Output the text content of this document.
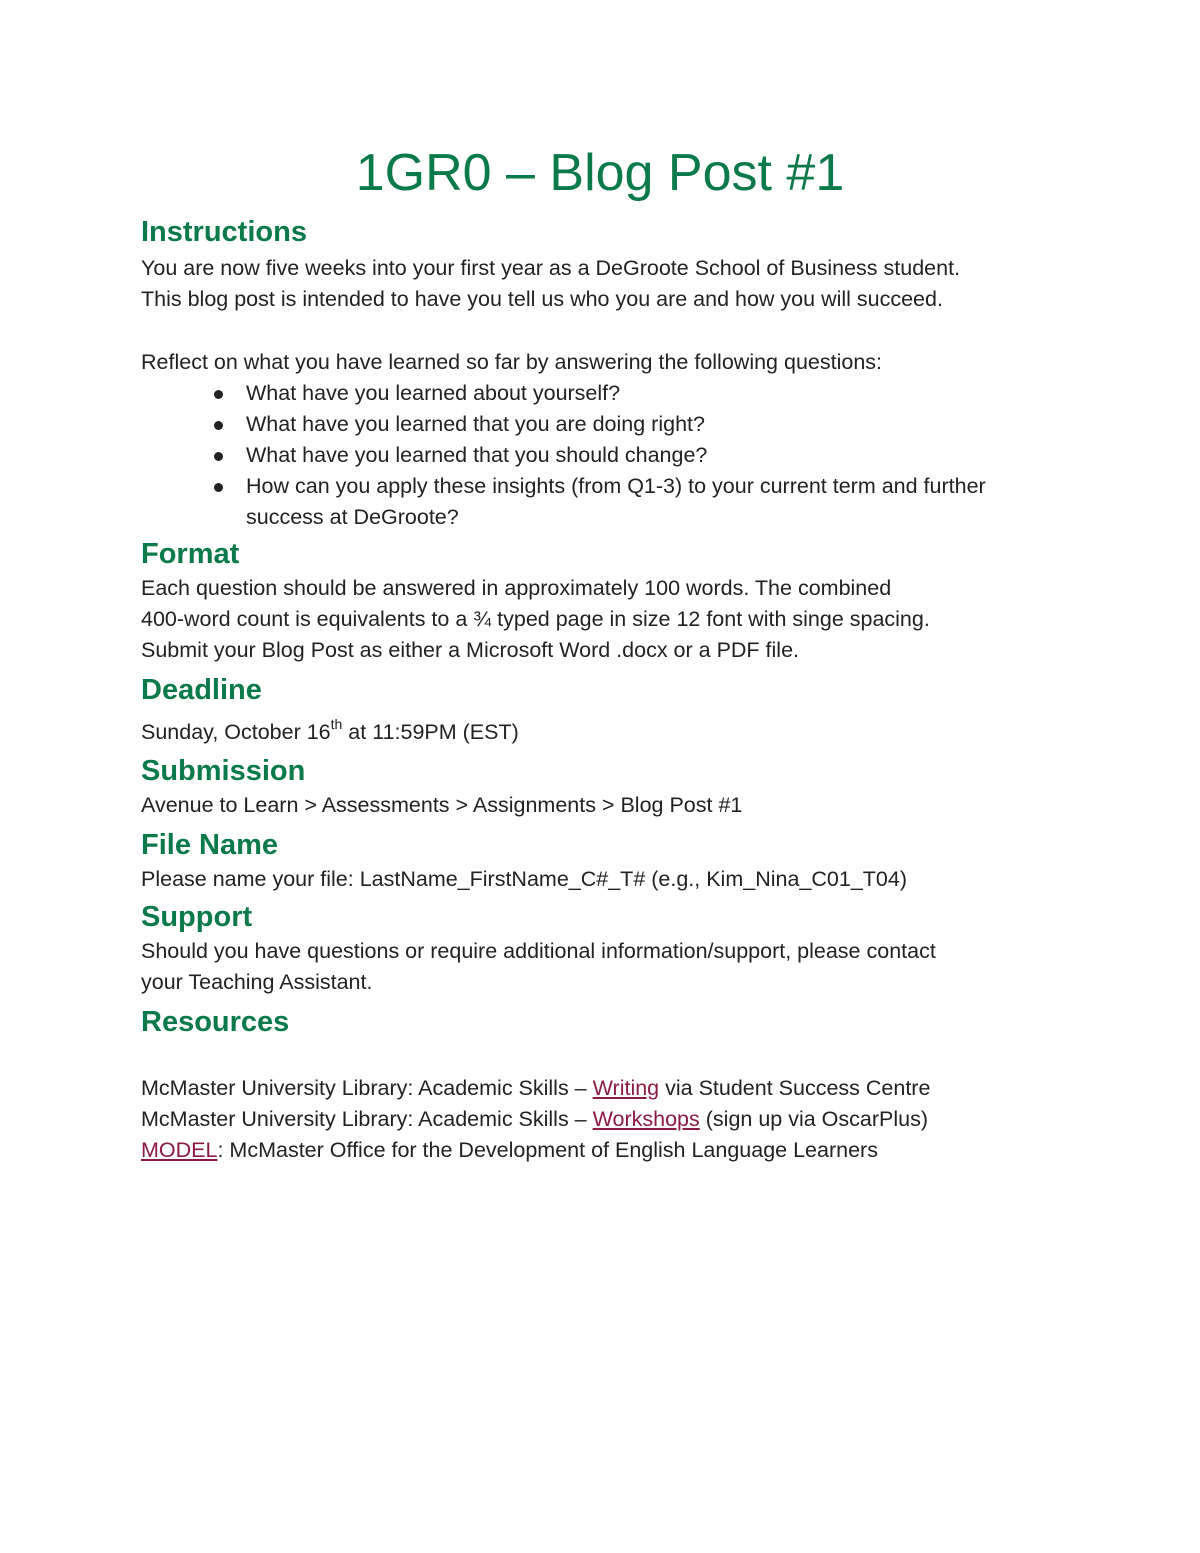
1GR0 – Blog Post #1
Instructions

You are now five weeks into your first year as a DeGroote School of Business student.

This blog post is intended to have you tell us who you are and how you will succeed.

Reflect on what you have learned so far by answering the following questions:

What have you learned about yourself?
What have you learned that you are doing right?
What have you learned that you should change?
How can you apply these insights (from Q1-3) to your current term and further
success at DeGroote?
Format

Each question should be answered in approximately 100 words. The combined

400-word count is equivalents to a ¾ typed page in size 12 font with singe spacing.

Submit your Blog Post as either a Microsoft Word .docx or a PDF file.

Deadline

Sunday, October 16th at 11:59PM (EST)

Submission

Avenue to Learn > Assessments > Assignments > Blog Post #1

File Name

Please name your file: LastName_FirstName_C#_T# (e.g., Kim_Nina_C01_T04)

Support

Should you have questions or require additional information/support, please contact

your Teaching Assistant.

Resources

McMaster University Library: Academic Skills – Writing via Student Success Centre

McMaster University Library: Academic Skills – Workshops (sign up via OscarPlus)

MODEL: McMaster Office for the Development of English Language Learners
